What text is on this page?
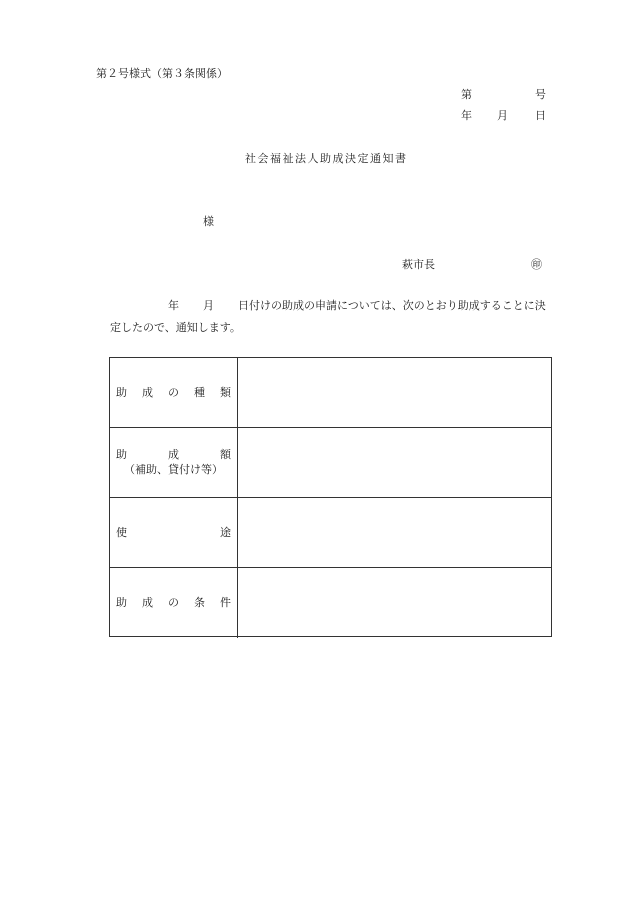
第２号様式（第３条関係）
第	号
年 月 日
社会福祉法人助成決定通知書
様
萩市長	㊞
年 月 日付けの助成の申請については、次のとおり助成することに決
定したので、通知します。
助 成 の 種 類
助	成	額
（補助、貸付け等）
使	途
助 成 の 条 件
